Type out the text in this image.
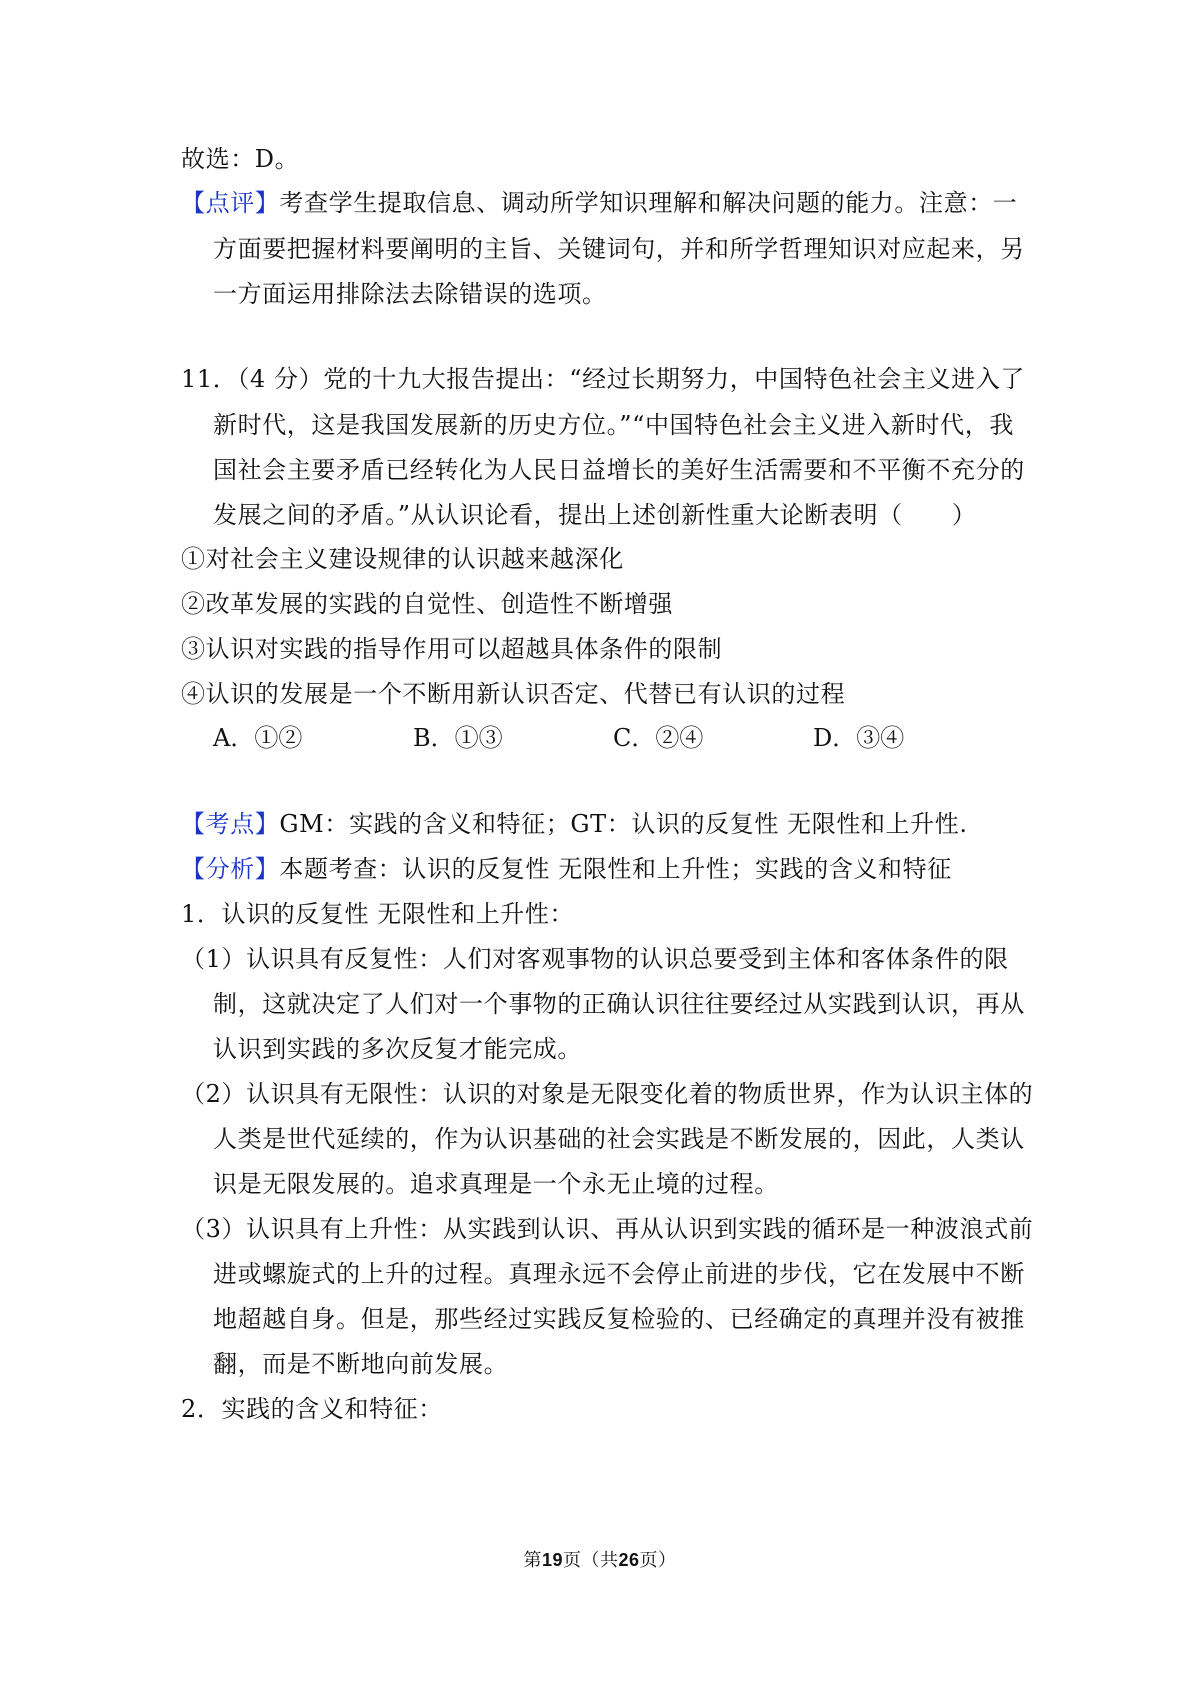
故选：D。
【点评】考查学生提取信息、调动所学知识理解和解决问题的能力。注意：一
方面要把握材料要阐明的主旨、关键词句，并和所学哲理知识对应起来，另
一方面运用排除法去除错误的选项。
11．（4 分）党的十九大报告提出：“经过长期努力，中国特色社会主义进入了
新时代，这是我国发展新的历史方位。”“中国特色社会主义进入新时代，我
国社会主要矛盾已经转化为人民日益增长的美好生活需要和不平衡不充分的
发展之间的矛盾。”从认识论看，提出上述创新性重大论断表明（　　）
①对社会主义建设规律的认识越来越深化
②改革发展的实践的自觉性、创造性不断增强
③认识对实践的指导作用可以超越具体条件的限制
④认识的发展是一个不断用新认识否定、代替已有认识的过程
A．①②	B．①③	C．②④	D．③④
【考点】GM：实践的含义和特征；GT：认识的反复性 无限性和上升性.
【分析】本题考查：认识的反复性 无限性和上升性；实践的含义和特征
1．认识的反复性 无限性和上升性：
（1）认识具有反复性：人们对客观事物的认识总要受到主体和客体条件的限
制，这就决定了人们对一个事物的正确认识往往要经过从实践到认识，再从
认识到实践的多次反复才能完成。
（2）认识具有无限性：认识的对象是无限变化着的物质世界，作为认识主体的
人类是世代延续的，作为认识基础的社会实践是不断发展的，因此，人类认
识是无限发展的。追求真理是一个永无止境的过程。
（3）认识具有上升性：从实践到认识、再从认识到实践的循环是一种波浪式前
进或螺旋式的上升的过程。真理永远不会停止前进的步伐，它在发展中不断
地超越自身。但是，那些经过实践反复检验的、已经确定的真理并没有被推
翻，而是不断地向前发展。
2．实践的含义和特征：
第19页（共26页）
